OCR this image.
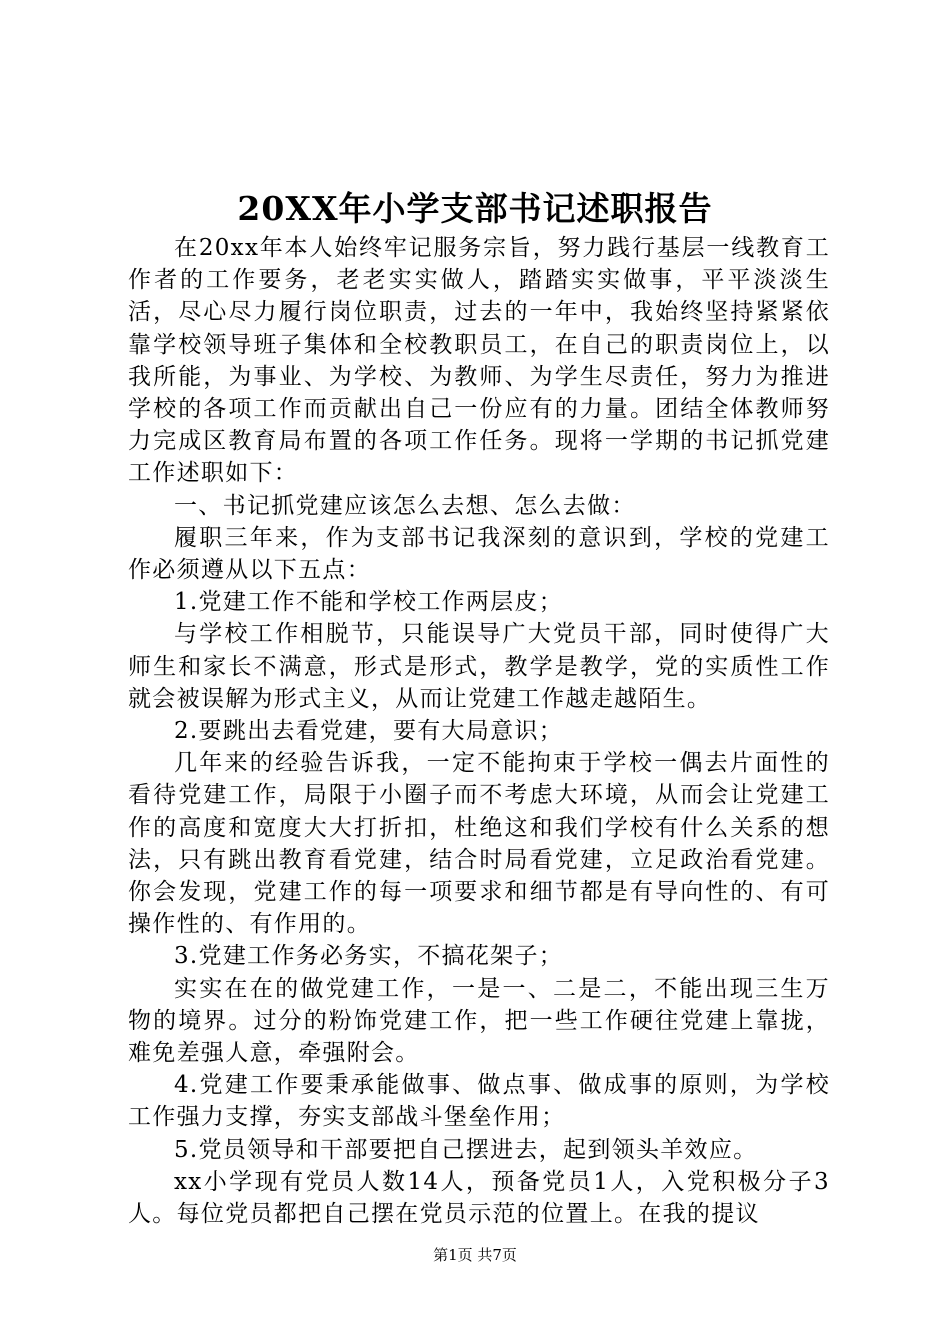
20XX年小学支部书记述职报告

在20xx年本人始终牢记服务宗旨，努力践行基层一线教育工作者的工作要务，老老实实做人，踏踏实实做事，平平淡淡生活，尽心尽力履行岗位职责，过去的一年中，我始终坚持紧紧依靠学校领导班子集体和全校教职员工，在自己的职责岗位上，以我所能，为事业、为学校、为教师、为学生尽责任，努力为推进学校的各项工作而贡献出自己一份应有的力量。团结全体教师努力完成区教育局布置的各项工作任务。现将一学期的书记抓党建工作述职如下：

一、书记抓党建应该怎么去想、怎么去做：

履职三年来，作为支部书记我深刻的意识到，学校的党建工作必须遵从以下五点：

1.党建工作不能和学校工作两层皮；

与学校工作相脱节，只能误导广大党员干部，同时使得广大师生和家长不满意，形式是形式，教学是教学，党的实质性工作就会被误解为形式主义，从而让党建工作越走越陌生。

2.要跳出去看党建，要有大局意识；

几年来的经验告诉我，一定不能拘束于学校一偶去片面性的看待党建工作，局限于小圈子而不考虑大环境，从而会让党建工作的高度和宽度大大打折扣，杜绝这和我们学校有什么关系的想法，只有跳出教育看党建，结合时局看党建，立足政治看党建。你会发现，党建工作的每一项要求和细节都是有导向性的、有可操作性的、有作用的。

3.党建工作务必务实，不搞花架子；

实实在在的做党建工作，一是一、二是二，不能出现三生万物的境界。过分的粉饰党建工作，把一些工作硬往党建上靠拢，难免差强人意，牵强附会。

4.党建工作要秉承能做事、做点事、做成事的原则，为学校工作强力支撑，夯实支部战斗堡垒作用；

5.党员领导和干部要把自己摆进去，起到领头羊效应。

xx小学现有党员人数14人，预备党员1人，入党积极分子3人。每位党员都把自己摆在党员示范的位置上。在我的提议

第1页 共7页
